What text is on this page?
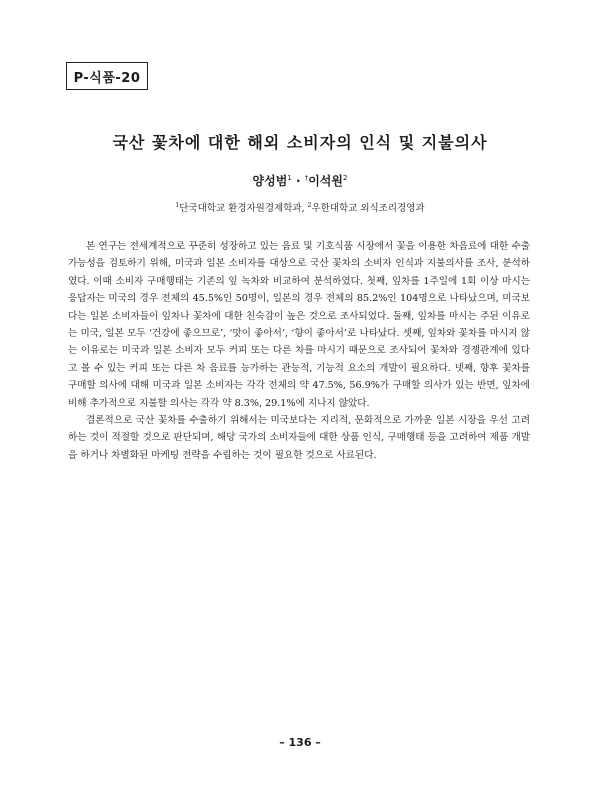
P-식품-20
국산 꽃차에 대한 해외 소비자의 인식 및 지불의사
양성범$^1$ · †이석원$^2$
$^1$단국대학교 환경자원경제학과, $^2$우한대학교 외식조리경영과

본 연구는 전세계적으로 꾸준히 성장하고 있는 음료 및 기호식품 시장에서 꽃을 이용한 차음료에 대한 수출 가능성을 검토하기 위해, 미국과 일본 소비자를 대상으로 국산 꽃차의 소비자 인식과 지불의사를 조사, 분석하였다. 이때 소비자 구매행태는 기존의 잎 녹차와 비교하여 분석하였다. 첫째, 잎차를 1주일에 1회 이상 마시는 응답자는 미국의 경우 전체의 45.5%인 50명이, 일본의 경우 전체의 85.2%인 104명으로 나타났으며, 미국보다는 일본 소비자들이 잎차나 꽃차에 대한 친숙감이 높은 것으로 조사되었다. 둘째, 잎차를 마시는 주된 이유로는 미국, 일본 모두 ‘건강에 좋으므로’, ‘맛이 좋아서’, ‘향이 좋아서’로 나타났다. 셋째, 잎차와 꽃차를 마시지 않는 이유로는 미국과 일본 소비자 모두 커피 또는 다른 차를 마시기 때문으로 조사되어 꽃차와 경쟁관계에 있다고 볼 수 있는 커피 또는 다른 차 음료를 능가하는 관능적, 기능적 요소의 개발이 필요하다. 넷째, 향후 꽃차를 구매할 의사에 대해 미국과 일본 소비자는 각각 전체의 약 47.5%, 56.9%가 구매할 의사가 있는 반면, 잎차에 비해 추가적으로 지불할 의사는 각각 약 8.3%, 29.1%에 지나지 않았다.

결론적으로 국산 꽃차를 수출하기 위해서는 미국보다는 지리적, 문화적으로 가까운 일본 시장을 우선 고려하는 것이 적절할 것으로 판단되며, 해당 국가의 소비자들에 대한 상품 인식, 구매행태 등을 고려하여 제품 개발을 하거나 차별화된 마케팅 전략을 수립하는 것이 필요한 것으로 사료된다.

– 136 –
